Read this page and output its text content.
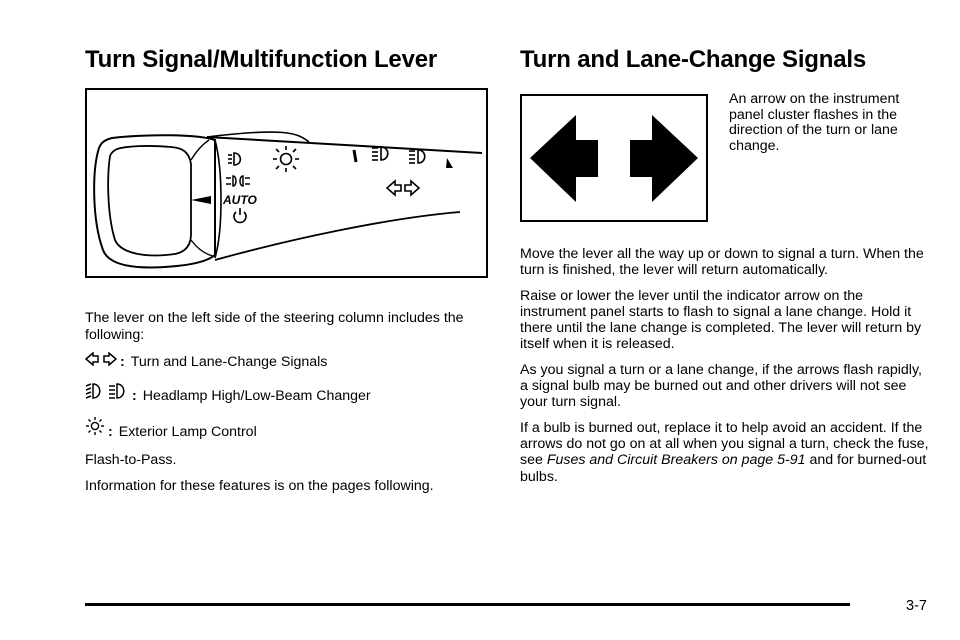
Turn Signal/Multifunction Lever
AUTO

The lever on the left side of the steering column includes the following:

: Turn and Lane-Change Signals
: Headlamp High/Low-Beam Changer
: Exterior Lamp Control

Flash-to-Pass.

Information for these features is on the pages following.

Turn and Lane-Change Signals

An arrow on the instrument panel cluster flashes in the direction of the turn or lane change.

Move the lever all the way up or down to signal a turn. When the turn is finished, the lever will return automatically.

Raise or lower the lever until the indicator arrow on the instrument panel starts to flash to signal a lane change. Hold it there until the lane change is completed. The lever will return by itself when it is released.

As you signal a turn or a lane change, if the arrows flash rapidly, a signal bulb may be burned out and other drivers will not see your turn signal.

If a bulb is burned out, replace it to help avoid an accident. If the arrows do not go on at all when you signal a turn, check the fuse, see Fuses and Circuit Breakers on page 5-91 and for burned-out bulbs.

3-7
